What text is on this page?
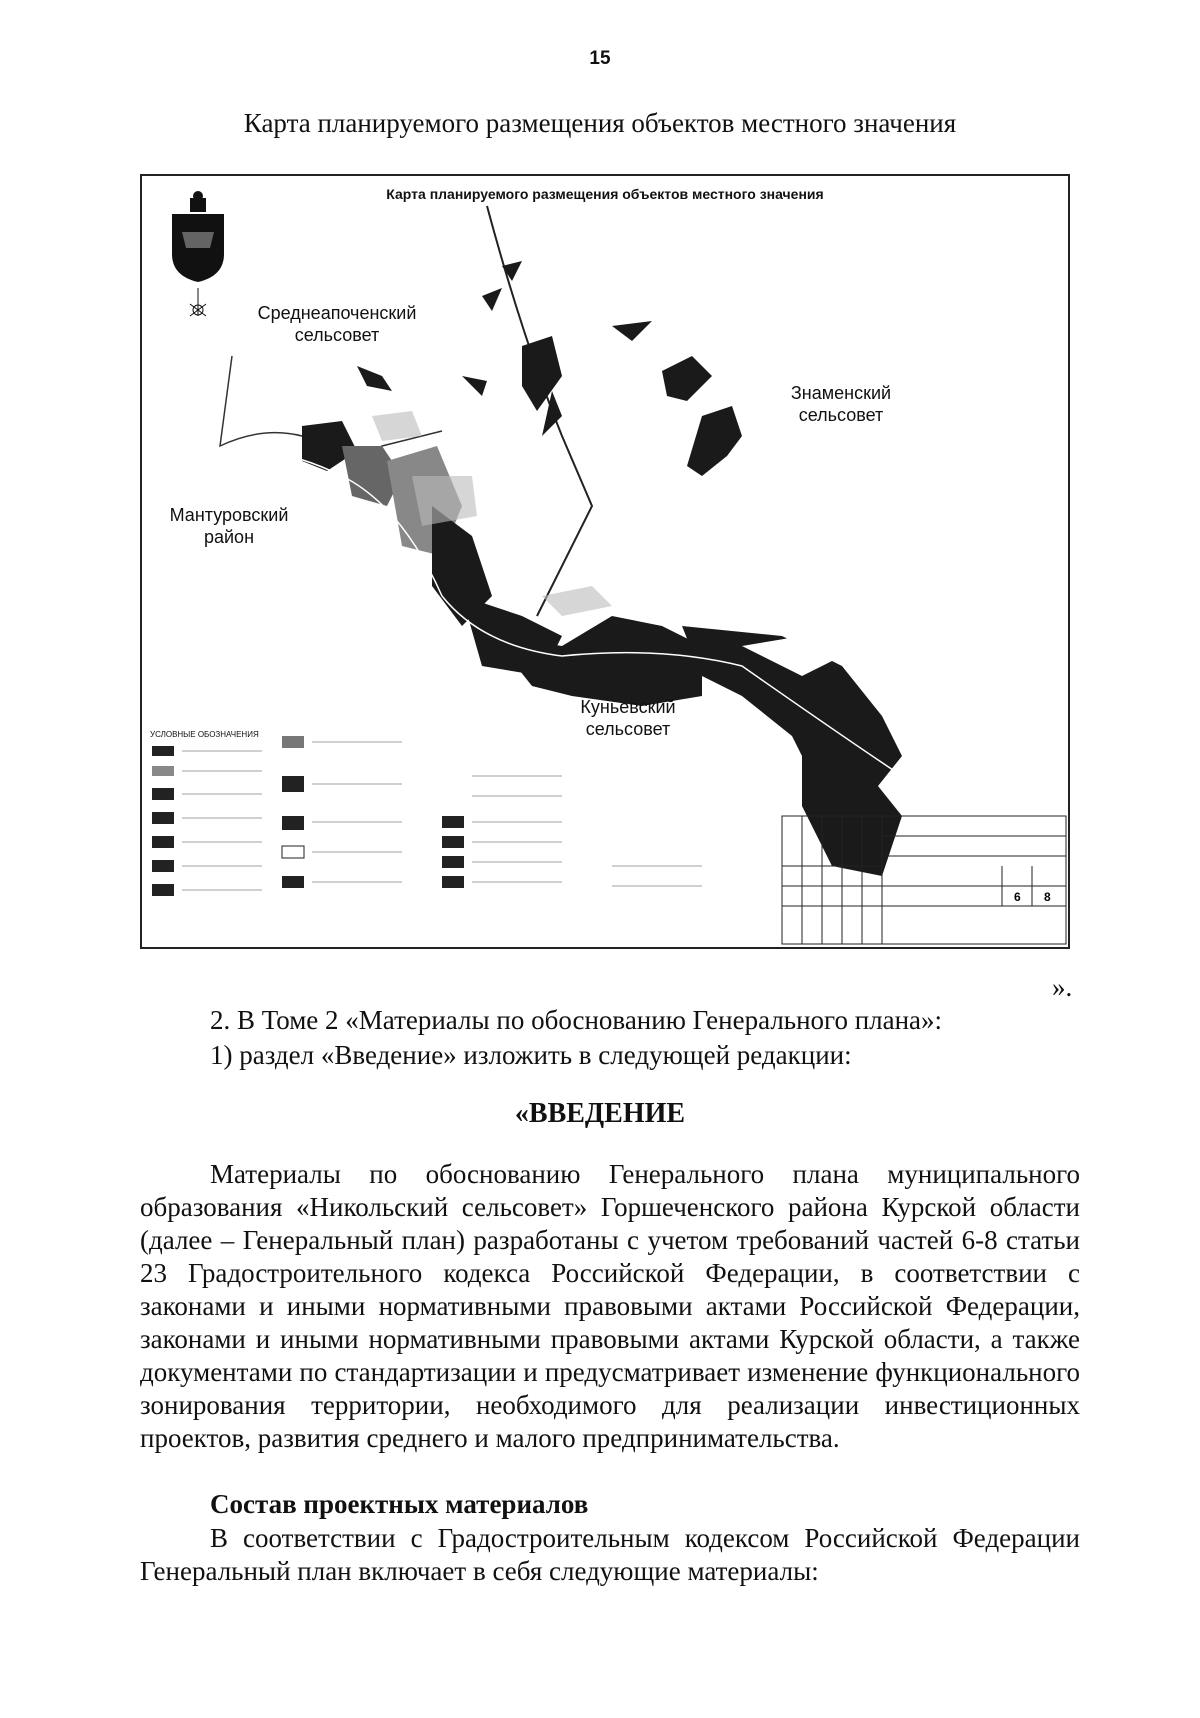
15
Карта планируемого размещения объектов местного значения
6 8
Карта планируемого размещения объектов местного значения
Среднеапоченский сельсовет
Знаменский сельсовет
Мантуровский район
Куньевский сельсовет
УСЛОВНЫЕ ОБОЗНАЧЕНИЯ
».
2. В Томе 2 «Материалы по обоснованию Генерального плана»:
1) раздел «Введение» изложить в следующей редакции:
«ВВЕДЕНИЕ
Материалы по обоснованию Генерального плана муниципального образования «Никольский сельсовет» Горшеченского района Курской области (далее – Генеральный план) разработаны с учетом требований частей 6-8 статьи 23 Градостроительного кодекса Российской Федерации, в соответствии с законами и иными нормативными правовыми актами Российской Федерации, законами и иными нормативными правовыми актами Курской области, а также документами по стандартизации и предусматривает изменение функционального зонирования территории, необходимого для реализации инвестиционных проектов, развития среднего и малого предпринимательства.
Состав проектных материалов
В соответствии с Градостроительным кодексом Российской Федерации Генеральный план включает в себя следующие материалы:
